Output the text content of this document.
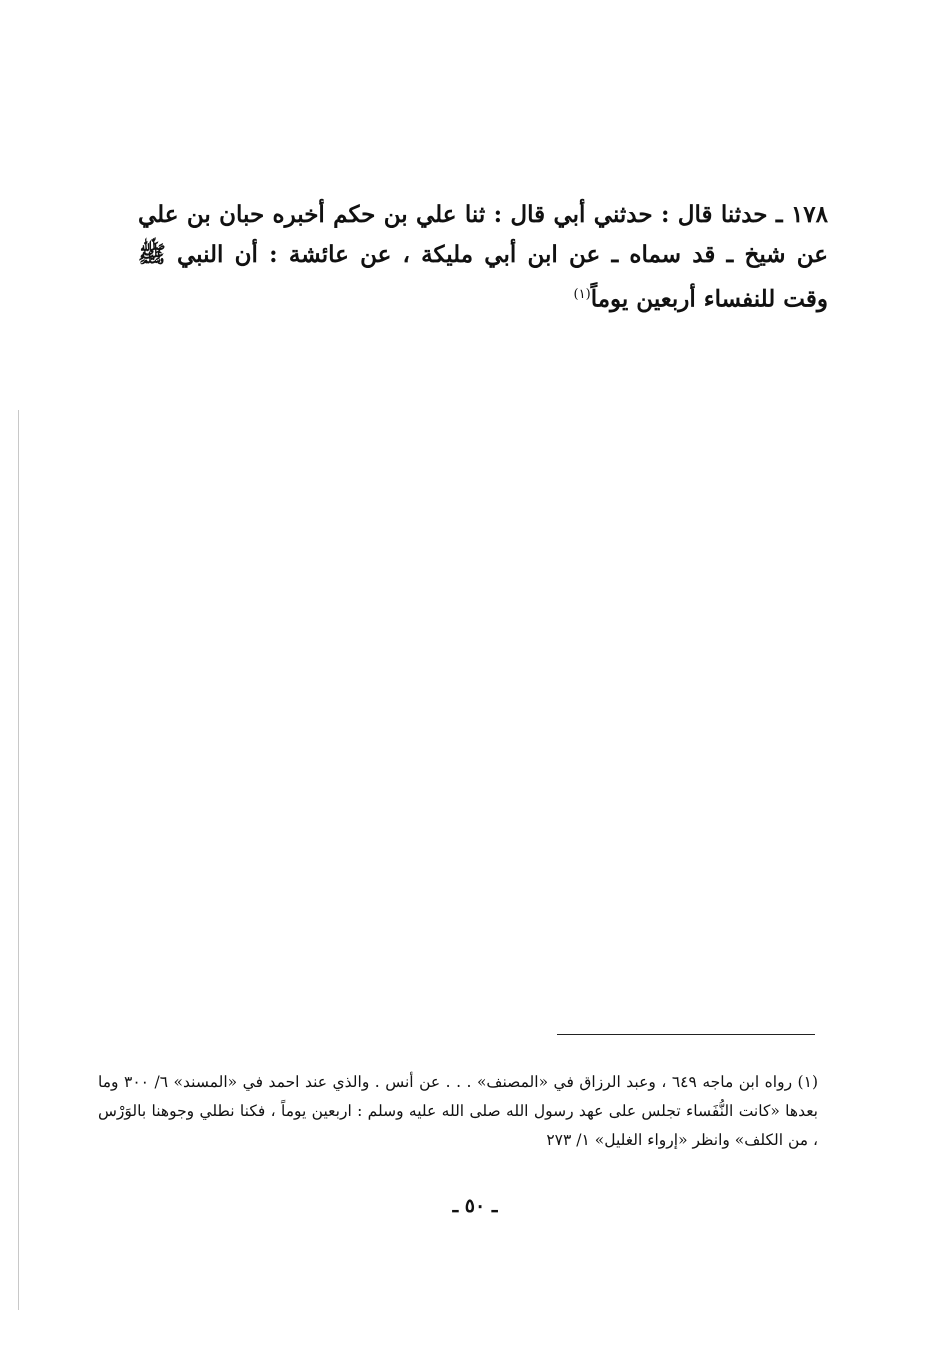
١٧٨ ـ حدثنا قال : حدثني أبي قال : ثنا علي بن حكم أخبره حبان بن علي عن شيخ ـ قد سماه ـ عن ابن أبي مليكة ، عن عائشة : أن النبي ﷺ وقت للنفساء أربعين يوماً$^{(١)}$

(١) رواه ابن ماجه ٦٤٩ ، وعبد الرزاق في «المصنف» . . . عن أنس . والذي عند احمد في «المسند» ٦/ ٣٠٠ وما بعدها «كانت النُّفَساء تجلس على عهد رسول الله صلى الله عليه وسلم : اربعين يوماً ، فكنا نطلي وجوهنا بالوَرْس ، من الكلف» وانظر «إرواء الغليل» ١/ ٢٧٣

ـ ٥٠ ـ
